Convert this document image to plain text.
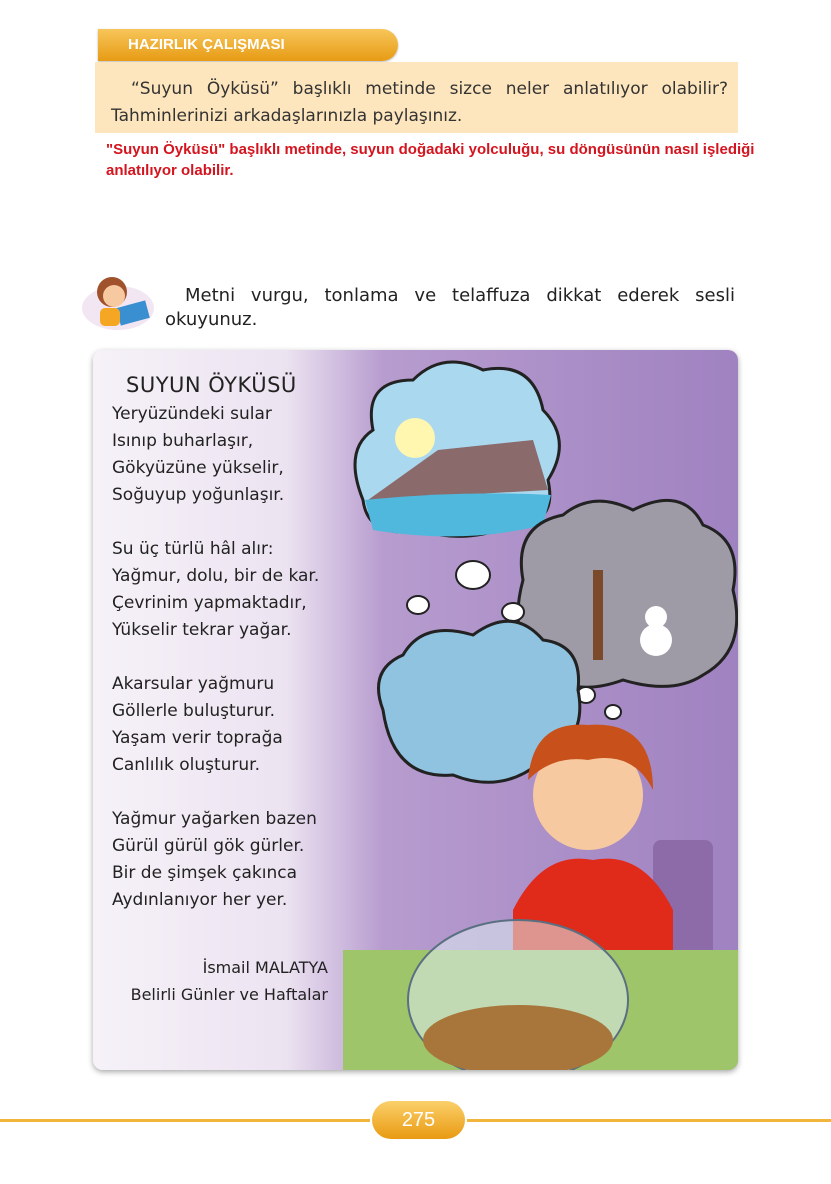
HAZIRLIK ÇALIŞMASI

“Suyun Öyküsü” başlıklı metinde sizce neler anlatılıyor olabilir? Tahminlerinizi arkadaşlarınızla paylaşınız.

"Suyun Öyküsü" başlıklı metinde, suyun doğadaki yolculuğu, su döngüsünün nasıl işlediği anlatılıyor olabilir.
Metni vurgu, tonlama ve telaffuza dikkat ederek sesli okuyunuz.
SUYUN ÖYKÜSÜ
Yeryüzündeki sular
Isınıp buharlaşır,
Gökyüzüne yükselir,
Soğuyup yoğunlaşır.
Su üç türlü hâl alır:
Yağmur, dolu, bir de kar.
Çevrinim yapmaktadır,
Yükselir tekrar yağar.
Akarsular yağmuru
Göllerle buluşturur.
Yaşam verir toprağa
Canlılık oluşturur.
Yağmur yağarken bazen
Gürül gürül gök gürler.
Bir de şimşek çakınca
Aydınlanıyor her yer.
İsmail MALATYA
Belirli Günler ve Haftalar
275
